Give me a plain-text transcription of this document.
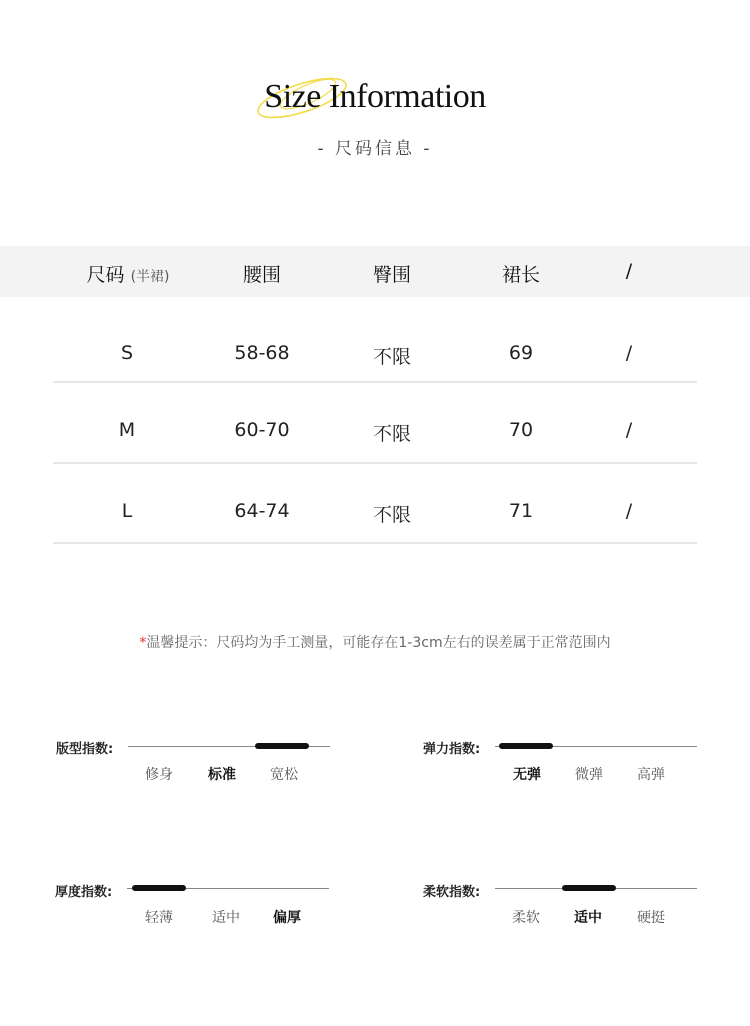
Size Information
- 尺码信息 -
尺码 (半裙)	腰围	臀围	裙长	/
S	58-68	不限	69	/
M	60-70	不限	70	/
L	64-74	不限	71	/
*温馨提示：尺码均为手工测量，可能存在1-3cm左右的误差属于正常范围内
版型指数:
修身	标准	宽松
弹力指数:
无弹	微弹	高弹
厚度指数:
轻薄	适中	偏厚
柔软指数:
柔软	适中	硬挺
